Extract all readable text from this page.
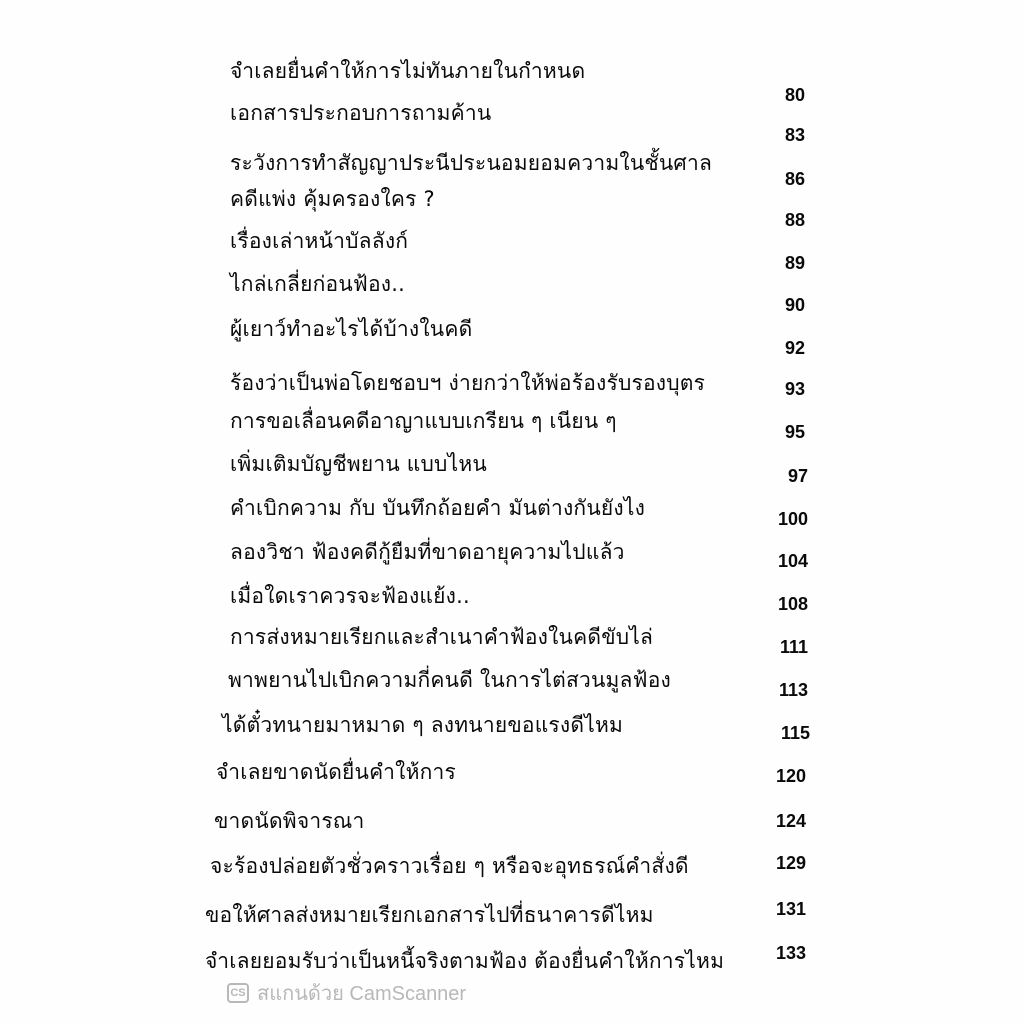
จำเลยยื่นคำให้การไม่ทันภายในกำหนด
เอกสารประกอบการถามค้าน
80
ระวังการทำสัญญาประนีประนอมยอมความในชั้นศาล
83
คดีแพ่ง คุ้มครองใคร ?
86
เรื่องเล่าหน้าบัลลังก์
88
ไกล่เกลี่ยก่อนฟ้อง..
89
ผู้เยาว์ทำอะไรได้บ้างในคดี
90
ร้องว่าเป็นพ่อโดยชอบฯ ง่ายกว่าให้พ่อร้องรับรองบุตร
92
การขอเลื่อนคดีอาญาแบบเกรียน ๆ เนียน ๆ
93
เพิ่มเติมบัญชีพยาน แบบไหน
95
คำเบิกความ กับ บันทึกถ้อยคำ มันต่างกันยังไง
97
ลองวิชา ฟ้องคดีกู้ยืมที่ขาดอายุความไปแล้ว
100
เมื่อใดเราควรจะฟ้องแย้ง..
104
การส่งหมายเรียกและสำเนาคำฟ้องในคดีขับไล่
108
พาพยานไปเบิกความกี่คนดี ในการไต่สวนมูลฟ้อง
111
ได้ตั๋วทนายมาหมาด ๆ ลงทนายขอแรงดีไหม
113
จำเลยขาดนัดยื่นคำให้การ
115
ขาดนัดพิจารณา
120
จะร้องปล่อยตัวชั่วคราวเรื่อย ๆ หรือจะอุทธรณ์คำสั่งดี
124
ขอให้ศาลส่งหมายเรียกเอกสารไปที่ธนาคารดีไหม
129
จำเลยยอมรับว่าเป็นหนี้จริงตามฟ้อง ต้องยื่นคำให้การไหม
131
133
CS สแกนด้วย CamScanner
